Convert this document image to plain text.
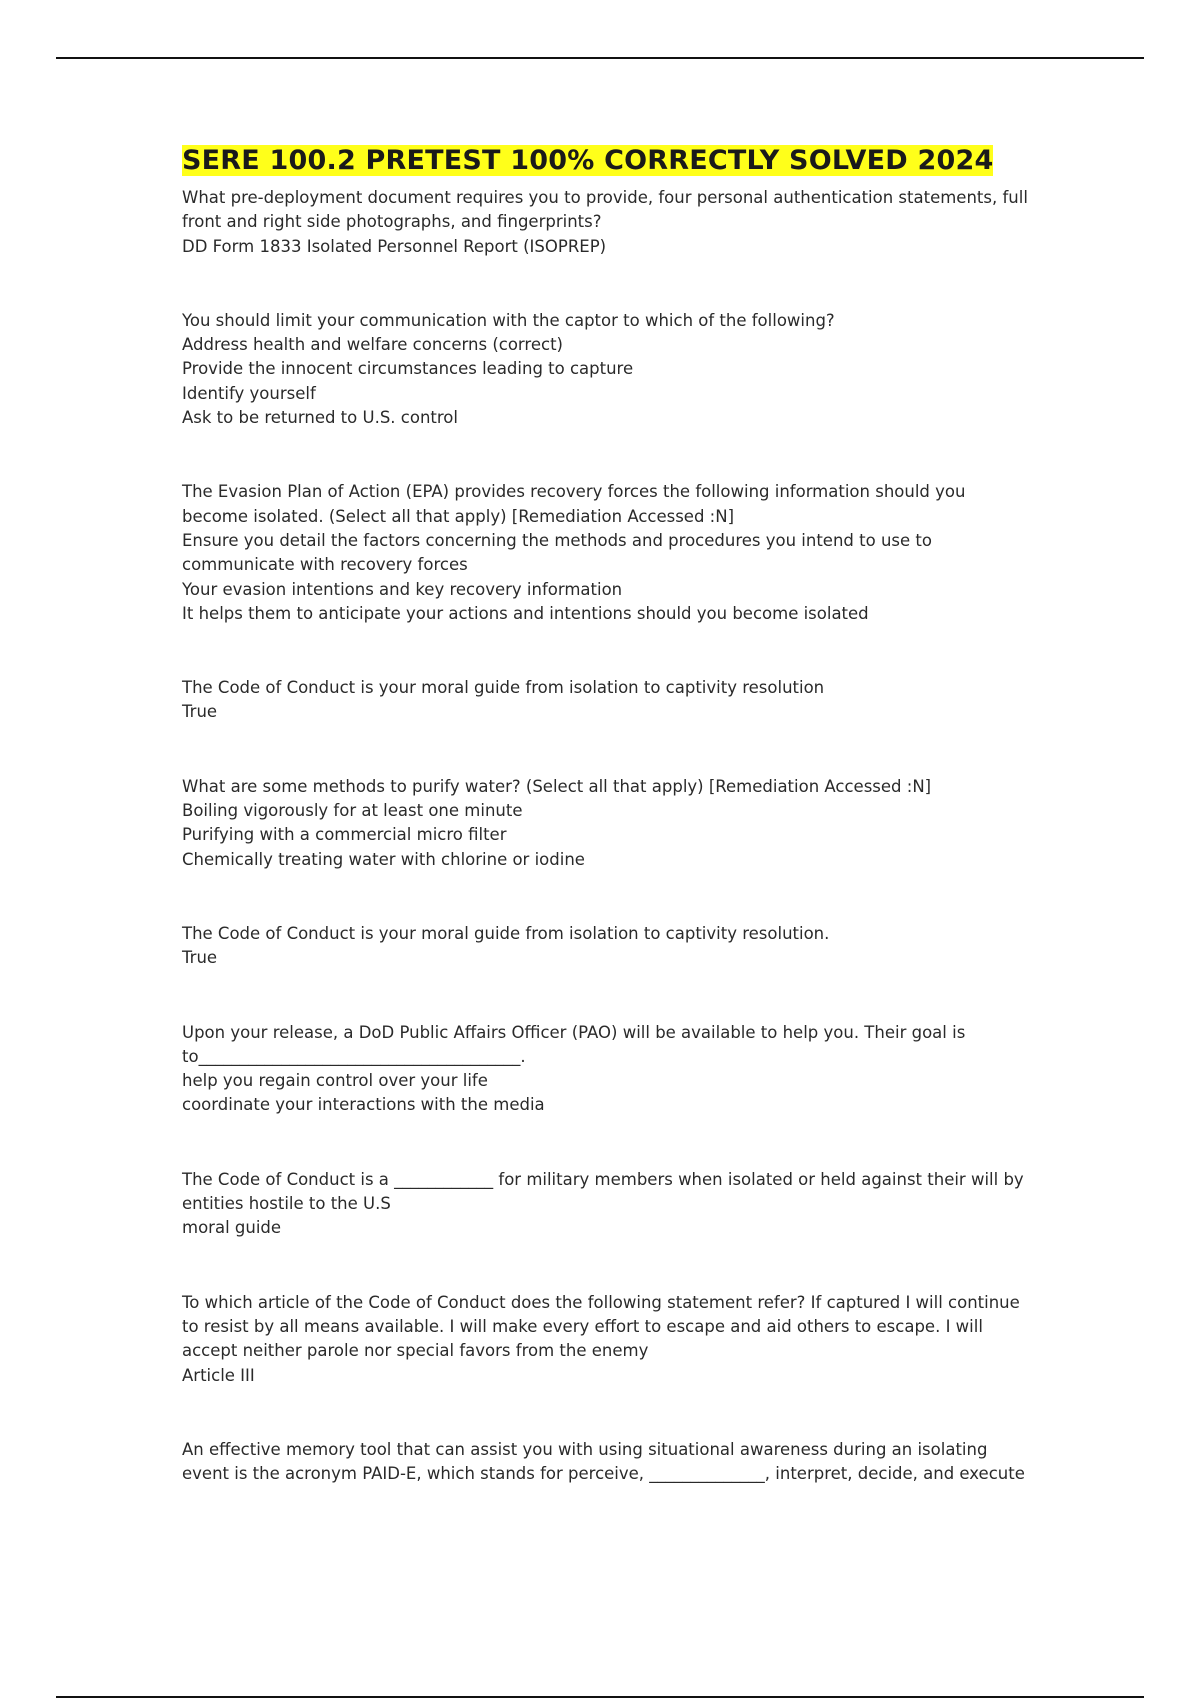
SERE 100.2 PRETEST 100% CORRECTLY SOLVED 2024

What pre-deployment document requires you to provide, four personal authentication statements, full front and right side photographs, and fingerprints?

DD Form 1833 Isolated Personnel Report (ISOPREP)

You should limit your communication with the captor to which of the following?

Address health and welfare concerns (correct)

Provide the innocent circumstances leading to capture

Identify yourself

Ask to be returned to U.S. control

The Evasion Plan of Action (EPA) provides recovery forces the following information should you become isolated. (Select all that apply) [Remediation Accessed :N]

Ensure you detail the factors concerning the methods and procedures you intend to use to communicate with recovery forces

Your evasion intentions and key recovery information

It helps them to anticipate your actions and intentions should you become isolated

The Code of Conduct is your moral guide from isolation to captivity resolution

True

What are some methods to purify water? (Select all that apply) [Remediation Accessed :N]

Boiling vigorously for at least one minute

Purifying with a commercial micro filter

Chemically treating water with chlorine or iodine

The Code of Conduct is your moral guide from isolation to captivity resolution.

True

Upon your release, a DoD Public Affairs Officer (PAO) will be available to help you. Their goal is to_______________________________________.

help you regain control over your life

coordinate your interactions with the media

The Code of Conduct is a ____________ for military members when isolated or held against their will by entities hostile to the U.S

moral guide

To which article of the Code of Conduct does the following statement refer? If captured I will continue to resist by all means available. I will make every effort to escape and aid others to escape. I will accept neither parole nor special favors from the enemy

Article III

An effective memory tool that can assist you with using situational awareness during an isolating event is the acronym PAID-E, which stands for perceive, ______________, interpret, decide, and execute
